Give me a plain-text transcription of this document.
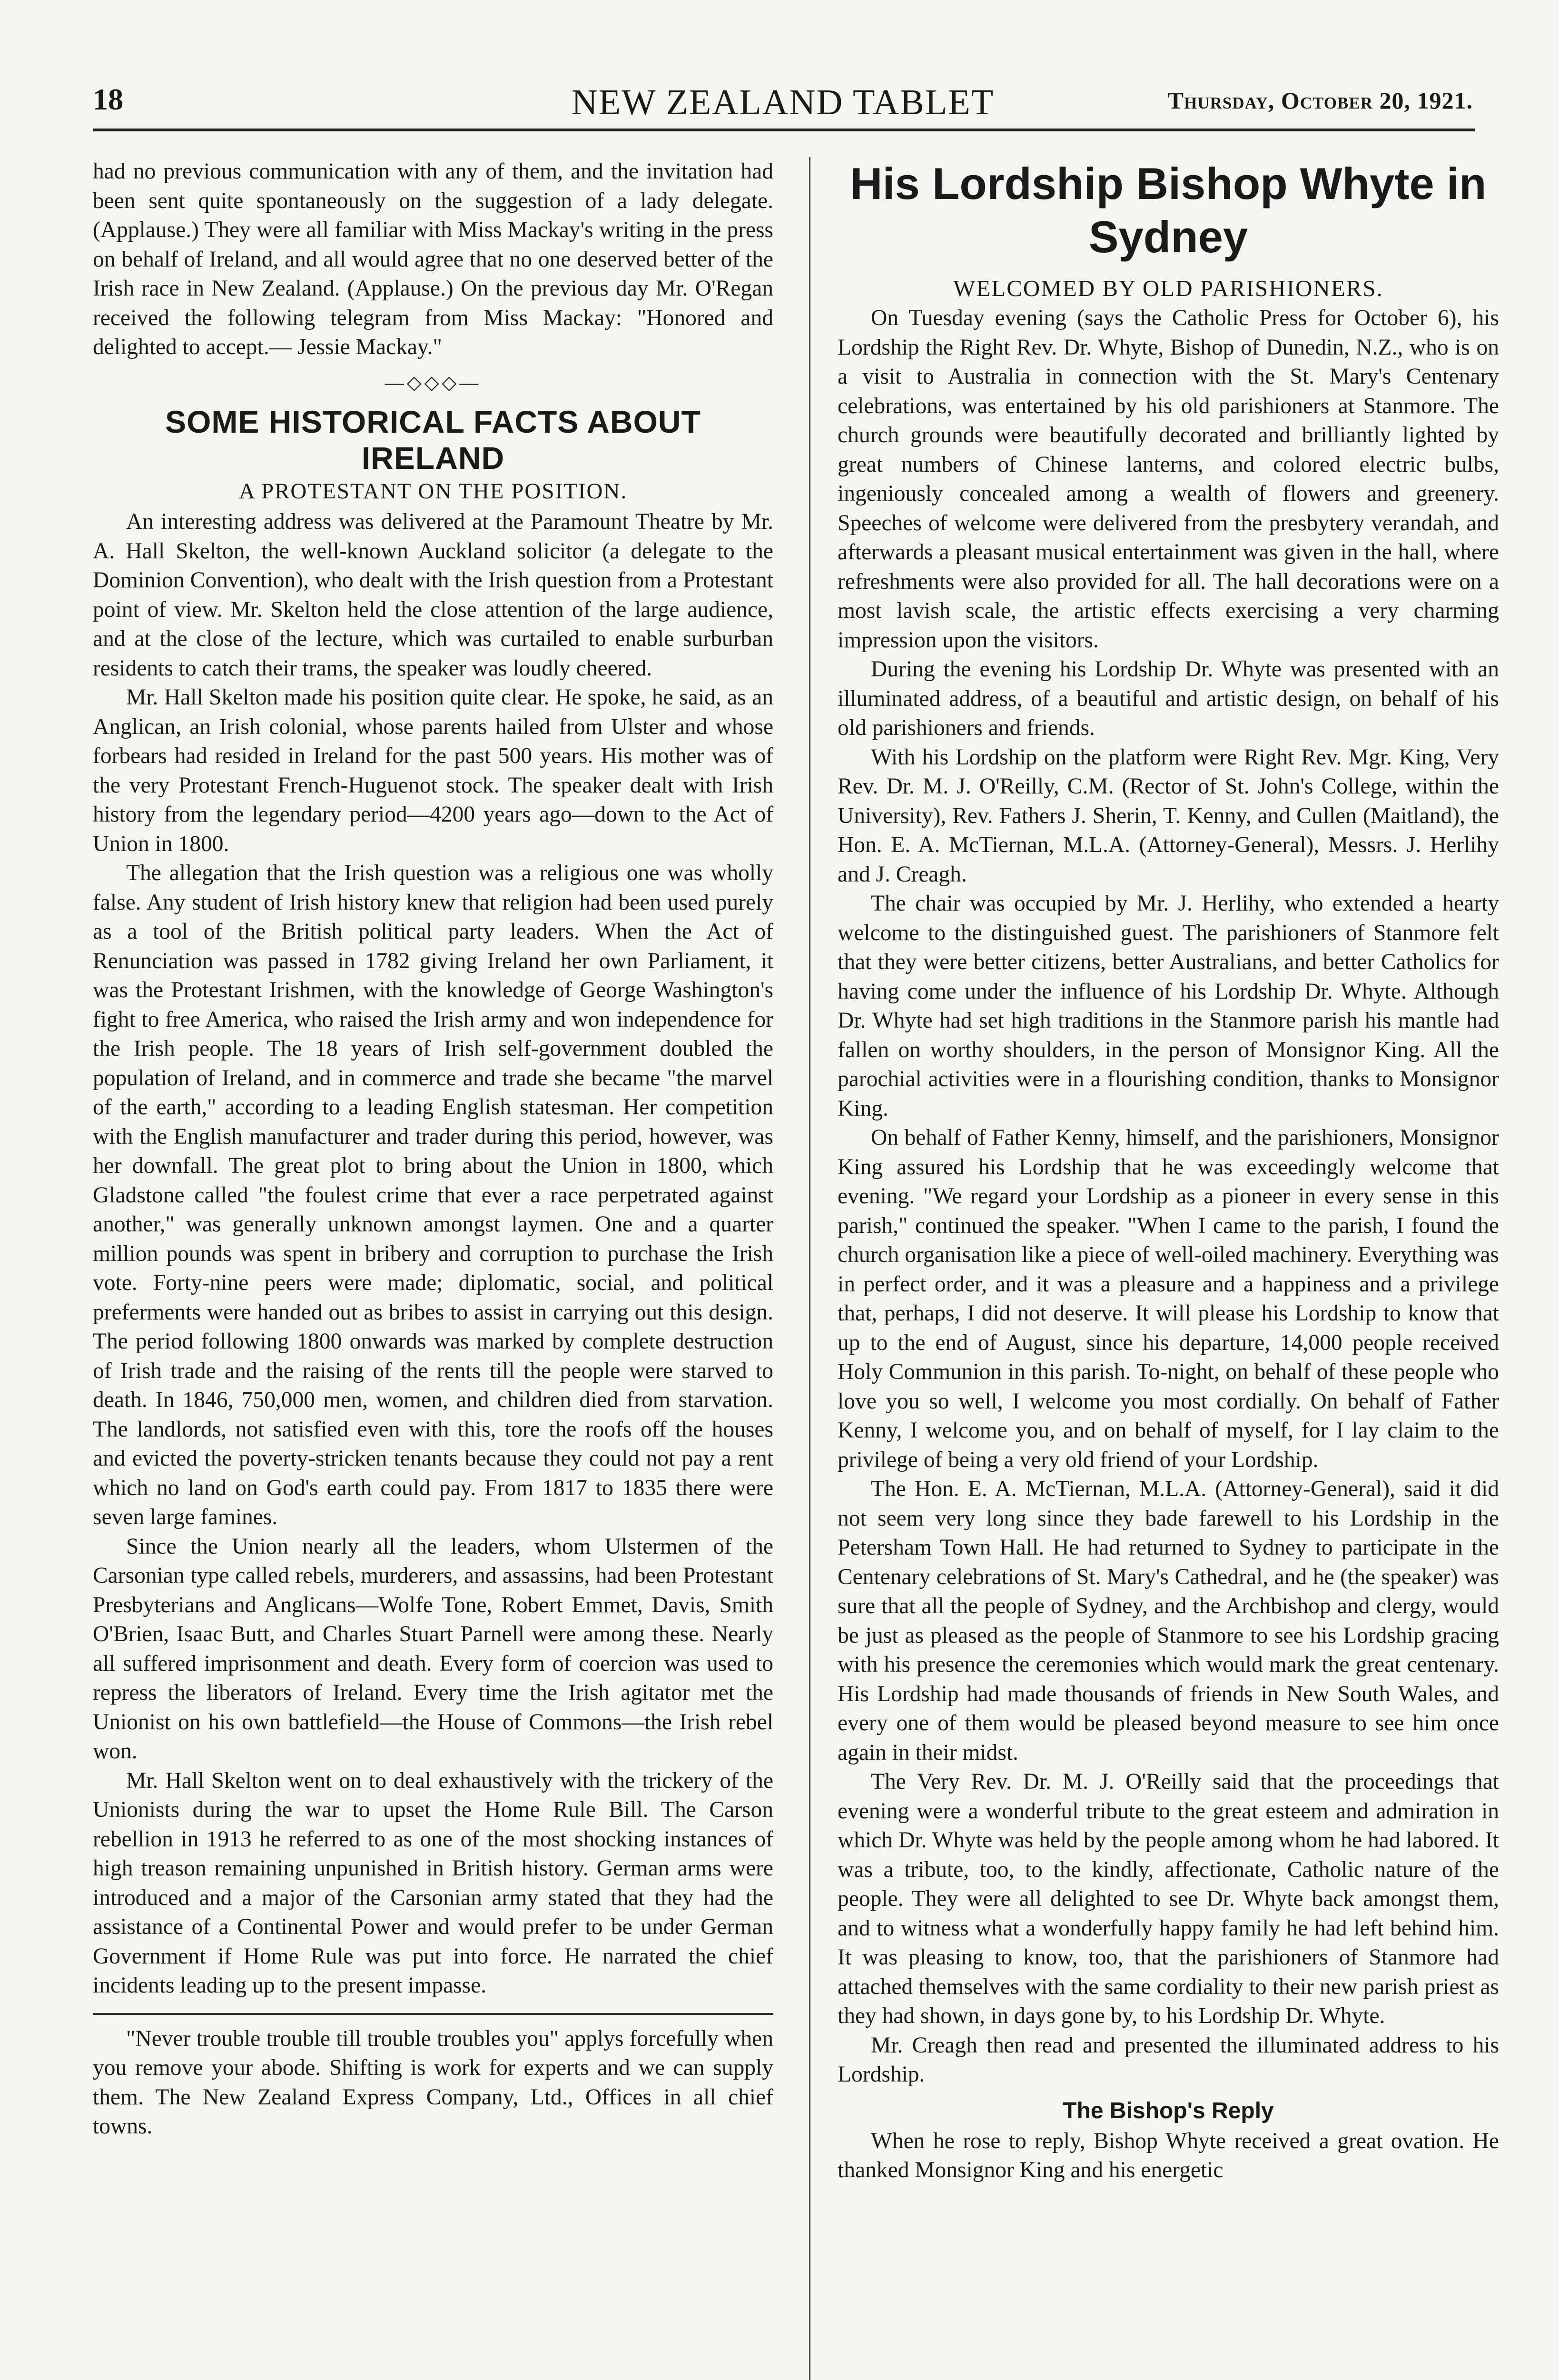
18	NEW ZEALAND TABLET	Thursday, October 20, 1921.

had no previous communication with any of them, and the invitation had been sent quite spontaneously on the suggestion of a lady delegate. (Applause.) They were all familiar with Miss Mackay's writing in the press on behalf of Ireland, and all would agree that no one deserved better of the Irish race in New Zealand. (Applause.) On the previous day Mr. O'Regan received the following telegram from Miss Mackay: "Honored and delighted to accept.— Jessie Mackay."

—◇◇◇—
SOME HISTORICAL FACTS ABOUT IRELAND
A PROTESTANT ON THE POSITION.

An interesting address was delivered at the Paramount Theatre by Mr. A. Hall Skelton, the well-known Auckland solicitor (a delegate to the Dominion Convention), who dealt with the Irish question from a Protestant point of view. Mr. Skelton held the close attention of the large audience, and at the close of the lecture, which was curtailed to enable surburban residents to catch their trams, the speaker was loudly cheered.

Mr. Hall Skelton made his position quite clear. He spoke, he said, as an Anglican, an Irish colonial, whose parents hailed from Ulster and whose forbears had resided in Ireland for the past 500 years. His mother was of the very Protestant French-Huguenot stock. The speaker dealt with Irish history from the legendary period—4200 years ago—down to the Act of Union in 1800.

The allegation that the Irish question was a religious one was wholly false. Any student of Irish history knew that religion had been used purely as a tool of the British political party leaders. When the Act of Renunciation was passed in 1782 giving Ireland her own Parliament, it was the Protestant Irishmen, with the knowledge of George Washington's fight to free America, who raised the Irish army and won independence for the Irish people. The 18 years of Irish self-government doubled the population of Ireland, and in commerce and trade she became "the marvel of the earth," according to a leading English statesman. Her competition with the English manufacturer and trader during this period, however, was her downfall. The great plot to bring about the Union in 1800, which Gladstone called "the foulest crime that ever a race perpetrated against another," was generally unknown amongst laymen. One and a quarter million pounds was spent in bribery and corruption to purchase the Irish vote. Forty-nine peers were made; diplomatic, social, and political preferments were handed out as bribes to assist in carrying out this design. The period following 1800 onwards was marked by complete destruction of Irish trade and the raising of the rents till the people were starved to death. In 1846, 750,000 men, women, and children died from starvation. The landlords, not satisfied even with this, tore the roofs off the houses and evicted the poverty-stricken tenants because they could not pay a rent which no land on God's earth could pay. From 1817 to 1835 there were seven large famines.

Since the Union nearly all the leaders, whom Ulstermen of the Carsonian type called rebels, murderers, and assassins, had been Protestant Presbyterians and Anglicans—Wolfe Tone, Robert Emmet, Davis, Smith O'Brien, Isaac Butt, and Charles Stuart Parnell were among these. Nearly all suffered imprisonment and death. Every form of coercion was used to repress the liberators of Ireland. Every time the Irish agitator met the Unionist on his own battlefield—the House of Commons—the Irish rebel won.

Mr. Hall Skelton went on to deal exhaustively with the trickery of the Unionists during the war to upset the Home Rule Bill. The Carson rebellion in 1913 he referred to as one of the most shocking instances of high treason remaining unpunished in British history. German arms were introduced and a major of the Carsonian army stated that they had the assistance of a Continental Power and would prefer to be under German Government if Home Rule was put into force. He narrated the chief incidents leading up to the present impasse.

"Never trouble trouble till trouble troubles you" applys forcefully when you remove your abode. Shifting is work for experts and we can supply them. The New Zealand Express Company, Ltd., Offices in all chief towns.

His Lordship Bishop Whyte in Sydney
WELCOMED BY OLD PARISHIONERS.

On Tuesday evening (says the Catholic Press for October 6), his Lordship the Right Rev. Dr. Whyte, Bishop of Dunedin, N.Z., who is on a visit to Australia in connection with the St. Mary's Centenary celebrations, was entertained by his old parishioners at Stanmore. The church grounds were beautifully decorated and brilliantly lighted by great numbers of Chinese lanterns, and colored electric bulbs, ingeniously concealed among a wealth of flowers and greenery. Speeches of welcome were delivered from the presbytery verandah, and afterwards a pleasant musical entertainment was given in the hall, where refreshments were also provided for all. The hall decorations were on a most lavish scale, the artistic effects exercising a very charming impression upon the visitors.

During the evening his Lordship Dr. Whyte was presented with an illuminated address, of a beautiful and artistic design, on behalf of his old parishioners and friends.

With his Lordship on the platform were Right Rev. Mgr. King, Very Rev. Dr. M. J. O'Reilly, C.M. (Rector of St. John's College, within the University), Rev. Fathers J. Sherin, T. Kenny, and Cullen (Maitland), the Hon. E. A. McTiernan, M.L.A. (Attorney-General), Messrs. J. Herlihy and J. Creagh.

The chair was occupied by Mr. J. Herlihy, who extended a hearty welcome to the distinguished guest. The parishioners of Stanmore felt that they were better citizens, better Australians, and better Catholics for having come under the influence of his Lordship Dr. Whyte. Although Dr. Whyte had set high traditions in the Stanmore parish his mantle had fallen on worthy shoulders, in the person of Monsignor King. All the parochial activities were in a flourishing condition, thanks to Monsignor King.

On behalf of Father Kenny, himself, and the parishioners, Monsignor King assured his Lordship that he was exceedingly welcome that evening. "We regard your Lordship as a pioneer in every sense in this parish," continued the speaker. "When I came to the parish, I found the church organisation like a piece of well-oiled machinery. Everything was in perfect order, and it was a pleasure and a happiness and a privilege that, perhaps, I did not deserve. It will please his Lordship to know that up to the end of August, since his departure, 14,000 people received Holy Communion in this parish. To-night, on behalf of these people who love you so well, I welcome you most cordially. On behalf of Father Kenny, I welcome you, and on behalf of myself, for I lay claim to the privilege of being a very old friend of your Lordship.

The Hon. E. A. McTiernan, M.L.A. (Attorney-General), said it did not seem very long since they bade farewell to his Lordship in the Petersham Town Hall. He had returned to Sydney to participate in the Centenary celebrations of St. Mary's Cathedral, and he (the speaker) was sure that all the people of Sydney, and the Archbishop and clergy, would be just as pleased as the people of Stanmore to see his Lordship gracing with his presence the ceremonies which would mark the great centenary. His Lordship had made thousands of friends in New South Wales, and every one of them would be pleased beyond measure to see him once again in their midst.

The Very Rev. Dr. M. J. O'Reilly said that the proceedings that evening were a wonderful tribute to the great esteem and admiration in which Dr. Whyte was held by the people among whom he had labored. It was a tribute, too, to the kindly, affectionate, Catholic nature of the people. They were all delighted to see Dr. Whyte back amongst them, and to witness what a wonderfully happy family he had left behind him. It was pleasing to know, too, that the parishioners of Stanmore had attached themselves with the same cordiality to their new parish priest as they had shown, in days gone by, to his Lordship Dr. Whyte.

Mr. Creagh then read and presented the illuminated address to his Lordship.

The Bishop's Reply

When he rose to reply, Bishop Whyte received a great ovation. He thanked Monsignor King and his energetic
